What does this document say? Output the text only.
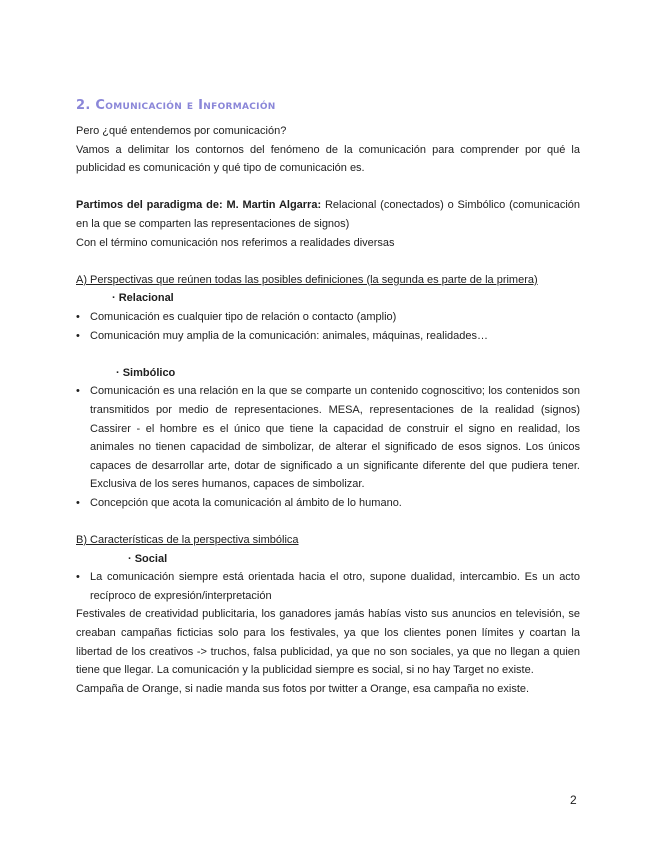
2. Comunicación e Información

Pero ¿qué entendemos por comunicación?

Vamos a delimitar los contornos del fenómeno de la comunicación para comprender por qué la publicidad es comunicación y qué tipo de comunicación es.

Partimos del paradigma de: M. Martin Algarra: Relacional (conectados) o Simbólico (comunicación en la que se comparten las representaciones de signos)

Con el término comunicación nos referimos a realidades diversas

A) Perspectivas que reúnen todas las posibles definiciones (la segunda es parte de la primera)

· Relacional

• Comunicación es cualquier tipo de relación o contacto (amplio)
• Comunicación muy amplia de la comunicación: animales, máquinas, realidades…

· Simbólico

• Comunicación es una relación en la que se comparte un contenido cognoscitivo; los contenidos son transmitidos por medio de representaciones. MESA, representaciones de la realidad (signos) Cassirer - el hombre es el único que tiene la capacidad de construir el signo en realidad, los animales no tienen capacidad de simbolizar, de alterar el significado de esos signos. Los únicos capaces de desarrollar arte, dotar de significado a un significante diferente del que pudiera tener. Exclusiva de los seres humanos, capaces de simbolizar.
• Concepción que acota la comunicación al ámbito de lo humano.

B) Características de la perspectiva simbólica

· Social

• La comunicación siempre está orientada hacia el otro, supone dualidad, intercambio. Es un acto recíproco de expresión/interpretación

Festivales de creatividad publicitaria, los ganadores jamás habías visto sus anuncios en televisión, se creaban campañas ficticias solo para los festivales, ya que los clientes ponen límites y coartan la libertad de los creativos -> truchos, falsa publicidad, ya que no son sociales, ya que no llegan a quien tiene que llegar. La comunicación y la publicidad siempre es social, si no hay Target no existe.

Campaña de Orange, si nadie manda sus fotos por twitter a Orange, esa campaña no existe.

2
